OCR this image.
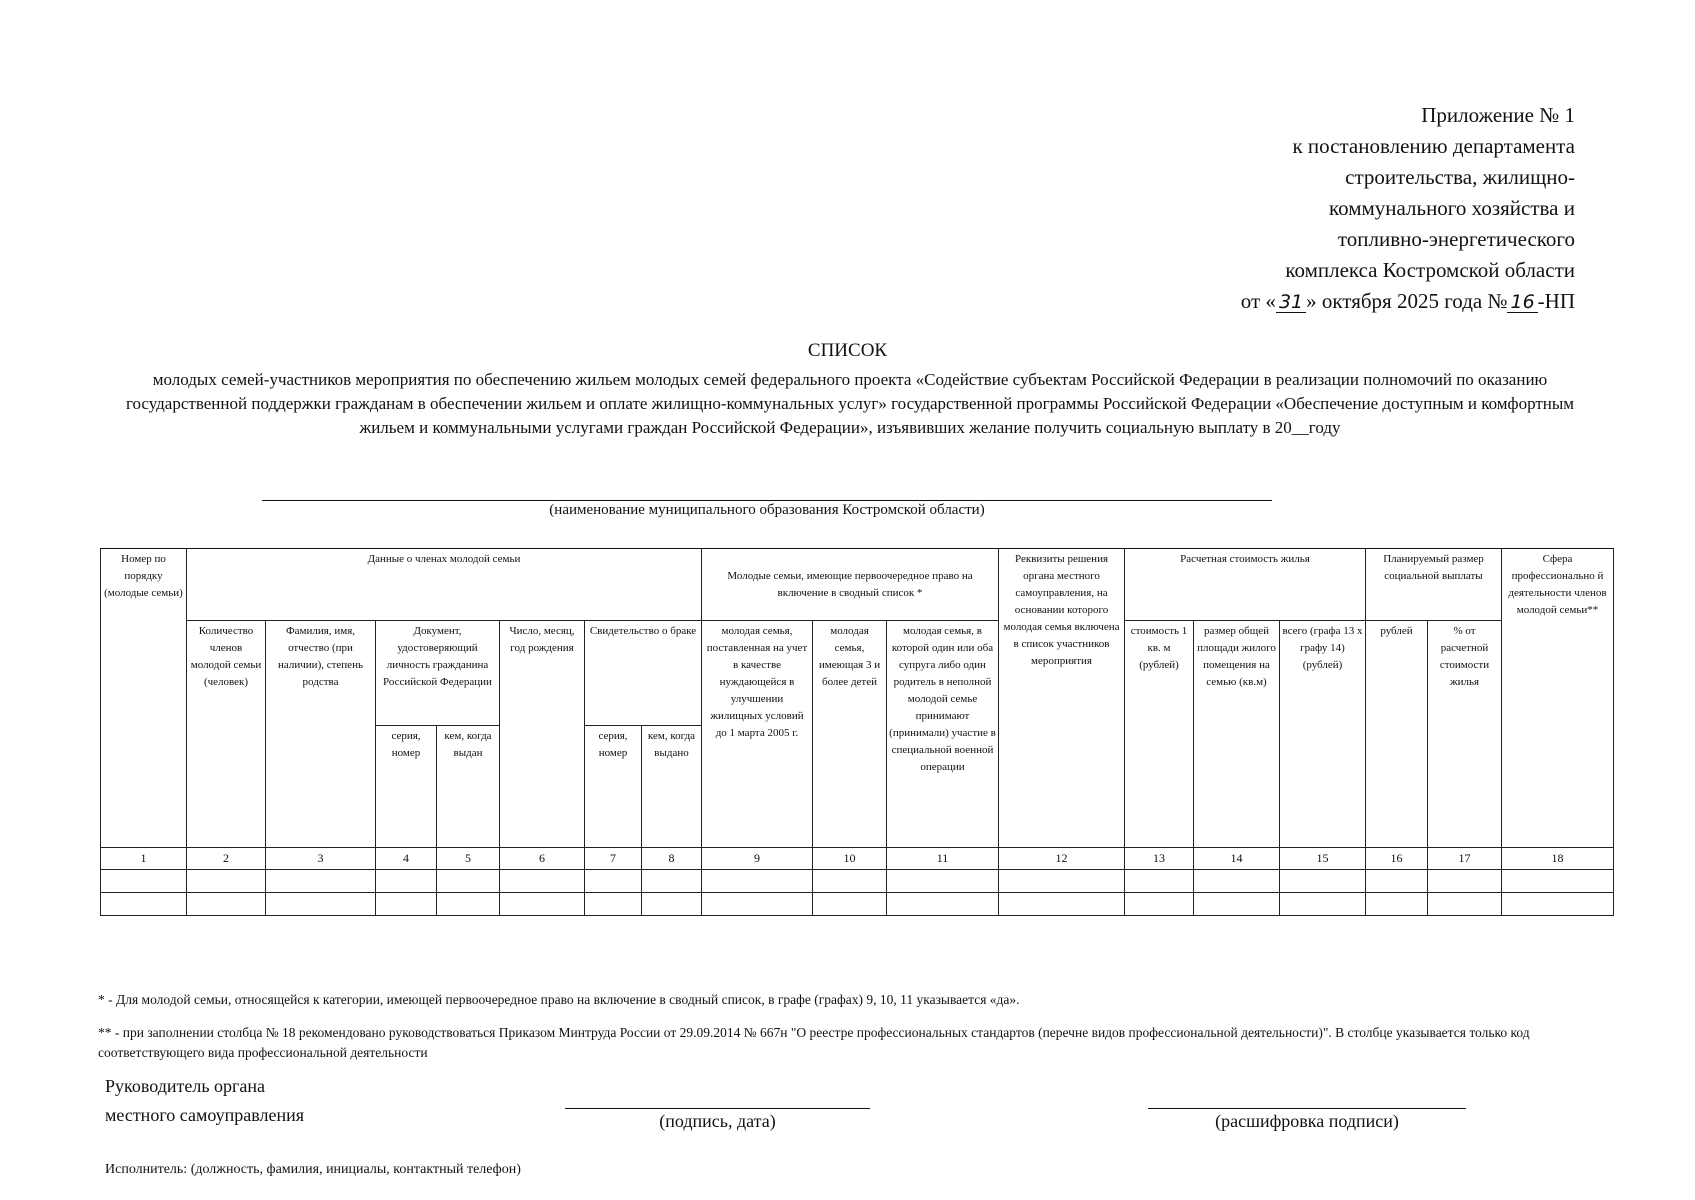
Приложение № 1
к постановлению департамента
строительства, жилищно-
коммунального хозяйства и
топливно-энергетического
комплекса Костромской области
от « 31 » октября 2025 года № 16 -НП
СПИСОК
молодых семей-участников мероприятия по обеспечению жильем молодых семей федерального проекта «Содействие субъектам Российской Федерации в реализации полномочий по оказанию государственной поддержки гражданам в обеспечении жильем и оплате жилищно-коммунальных услуг» государственной программы Российской Федерации «Обеспечение доступным и комфортным жильем и коммунальными услугами граждан Российской Федерации», изъявивших желание получить социальную выплату в 20__году
(наименование муниципального образования Костромской области)
Номер по порядку (молодые семьи)	Данные о членах молодой семьи							Молодые семьи, имеющие первоочередное право на включение в сводный список *			Реквизиты решения органа местного самоуправления, на основании которого молодая семья включена в список участников мероприятия	Расчетная стоимость жилья			Планируемый размер социальной выплаты		Сфера профессионально й деятельности членов молодой семьи**
	Количество членов молодой семьи (человек)	Фамилия, имя, отчество (при наличии), степень родства	Документ, удостоверяющий личность гражданина Российской Федерации		Число, месяц, год рождения	Свидетельство о браке		молодая семья, поставленная на учет в качестве нуждающейся в улучшении жилищных условий до 1 марта 2005 г.	молодая семья, имеющая 3 и более детей	молодая семья, в которой один или оба супруга либо один родитель в неполной молодой семье принимают (принимали) участие в специальной военной операции		стоимость 1 кв. м (рублей)	размер общей площади жилого помещения на семью (кв.м)	всего (графа 13 х графу 14) (рублей)	рублей	% от расчетной стоимости жилья	
			серия, номер	кем, когда выдан		серия, номер	кем, когда выдано										
1	2	3	4	5	6	7	8	9	10	11	12	13	14	15	16	17	18

* - Для молодой семьи, относящейся к категории, имеющей первоочередное право на включение в сводный список, в графе (графах) 9, 10, 11 указывается «да».

** - при заполнении столбца № 18 рекомендовано руководствоваться Приказом Минтруда России от 29.09.2014 № 667н "О реестре профессиональных стандартов (перечне видов профессиональной деятельности)". В столбце указывается только код соответствующего вида профессиональной деятельности

Руководитель органа
местного самоуправления	(подпись, дата)	(расшифровка подписи)
Исполнитель: (должность, фамилия, инициалы, контактный телефон)
